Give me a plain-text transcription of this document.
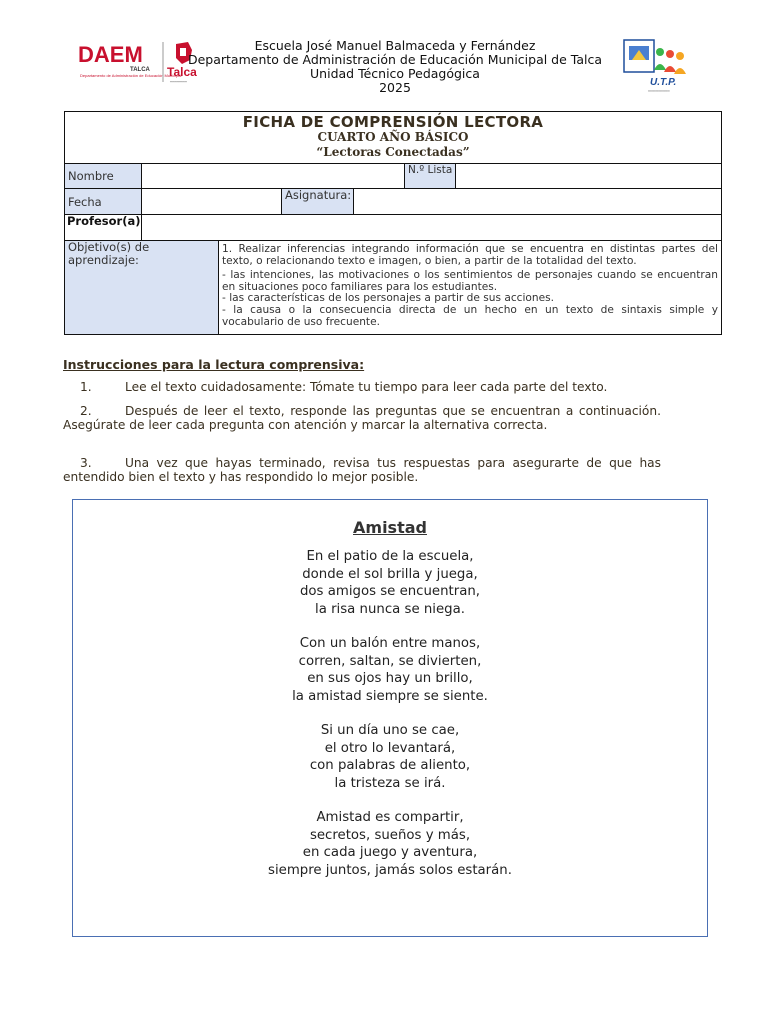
DAEM
TALCA
Departamento de Administración de Educación Municipal
Talca
━━━━━━━━	U.T.P.
━━━━━━━━━━━━
Escuela José Manuel Balmaceda y Fernández
Departamento de Administración de Educación Municipal de Talca
Unidad Técnico Pedagógica
2025
FICHA DE COMPRENSIÓN LECTORA
CUARTO AÑO BÁSICO
“Lectoras Conectadas”
Nombre	N.º Lista
Fecha	Asignatura:
Profesor(a)
Objetivo(s) de aprendizaje:
1. Realizar inferencias integrando información que se encuentra en distintas partes del texto, o relacionando texto e imagen, o bien, a partir de la totalidad del texto.
- las intenciones, las motivaciones o los sentimientos de personajes cuando se encuentran en situaciones poco familiares para los estudiantes.
- las características de los personajes a partir de sus acciones.
- la causa o la consecuencia directa de un hecho en un texto de sintaxis simple y vocabulario de uso frecuente.
Instrucciones para la lectura comprensiva:
1.	Lee el texto cuidadosamente: Tómate tu tiempo para leer cada parte del texto.
2.	Después de leer el texto, responde las preguntas que se encuentran a continuación. Asegúrate de leer cada pregunta con atención y marcar la alternativa correcta.
3.	Una vez que hayas terminado, revisa tus respuestas para asegurarte de que has entendido bien el texto y has respondido lo mejor posible.
Amistad
En el patio de la escuela,
donde el sol brilla y juega,
dos amigos se encuentran,
la risa nunca se niega.
Con un balón entre manos,
corren, saltan, se divierten,
en sus ojos hay un brillo,
la amistad siempre se siente.
Si un día uno se cae,
el otro lo levantará,
con palabras de aliento,
la tristeza se irá.
Amistad es compartir,
secretos, sueños y más,
en cada juego y aventura,
siempre juntos, jamás solos estarán.
